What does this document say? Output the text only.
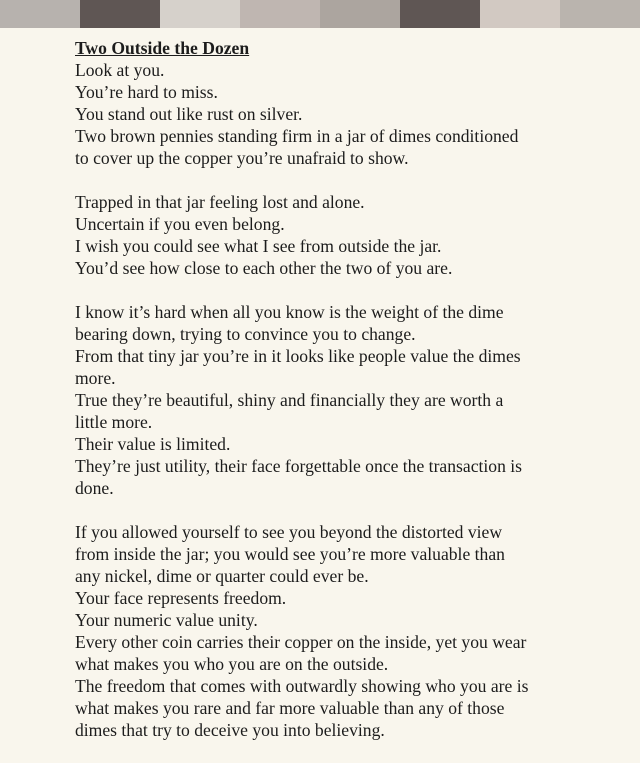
Two Outside the Dozen
Look at you.
You’re hard to miss.
You stand out like rust on silver.
Two brown pennies standing firm in a jar of dimes conditioned
to cover up the copper you’re unafraid to show.
Trapped in that jar feeling lost and alone.
Uncertain if you even belong.
I wish you could see what I see from outside the jar.
You’d see how close to each other the two of you are.
I know it’s hard when all you know is the weight of the dime
bearing down, trying to convince you to change.
From that tiny jar you’re in it looks like people value the dimes
more.
True they’re beautiful, shiny and financially they are worth a
little more.
Their value is limited.
They’re just utility, their face forgettable once the transaction is
done.
If you allowed yourself to see you beyond the distorted view
from inside the jar; you would see you’re more valuable than
any nickel, dime or quarter could ever be.
Your face represents freedom.
Your numeric value unity.
Every other coin carries their copper on the inside, yet you wear
what makes you who you are on the outside.
The freedom that comes with outwardly showing who you are is
what makes you rare and far more valuable than any of those
dimes that try to deceive you into believing.
